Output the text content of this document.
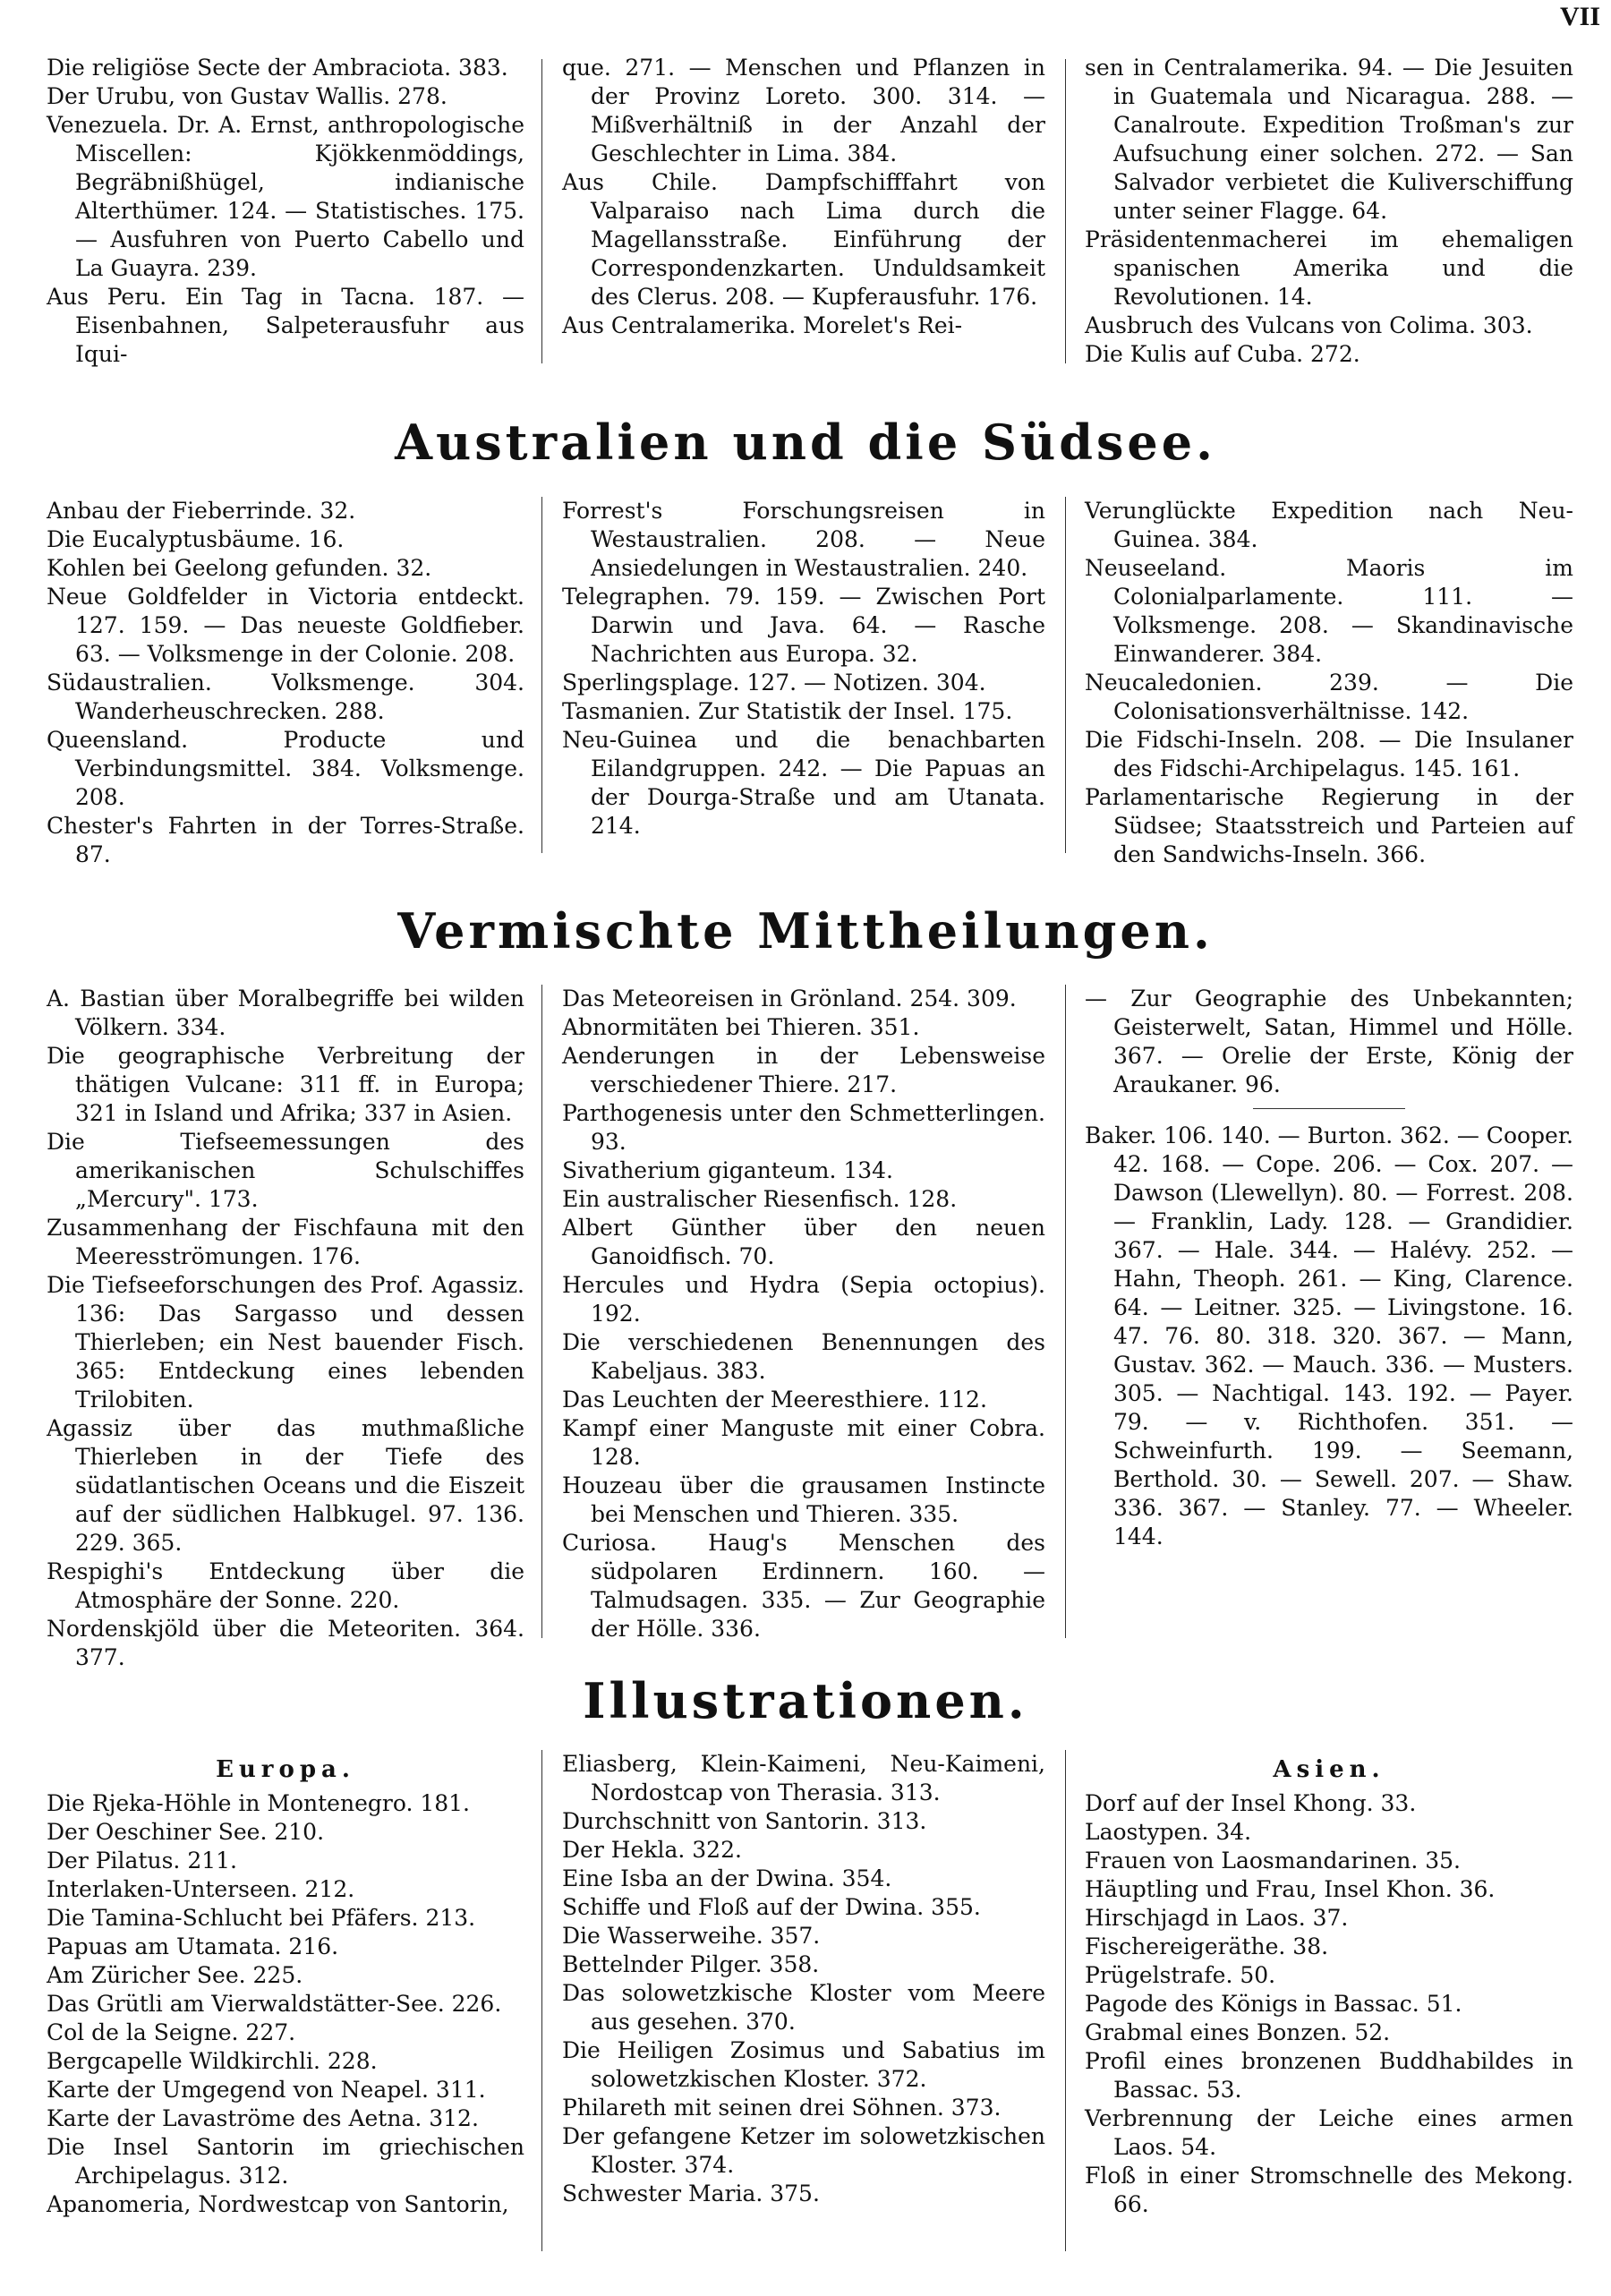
VII

Die religiöse Secte der Ambraciota. 383.

Der Urubu, von Gustav Wallis. 278.

Venezuela. Dr. A. Ernst, anthropologische Miscellen: Kjökkenmöddings, Begräbnißhügel, indianische Alterthümer. 124. — Statistisches. 175. — Ausfuhren von Puerto Cabello und La Guayra. 239.

Aus Peru. Ein Tag in Tacna. 187. — Eisenbahnen, Salpeterausfuhr aus Iqui-

que. 271. — Menschen und Pflanzen in der Provinz Loreto. 300. 314. — Mißverhältniß in der Anzahl der Geschlechter in Lima. 384.

Aus Chile. Dampfschifffahrt von Valparaiso nach Lima durch die Magellansstraße. Einführung der Correspondenzkarten. Unduldsamkeit des Clerus. 208. — Kupferausfuhr. 176.

Aus Centralamerika. Morelet's Rei-

sen in Centralamerika. 94. — Die Jesuiten in Guatemala und Nicaragua. 288. — Canalroute. Expedition Troßman's zur Aufsuchung einer solchen. 272. — San Salvador verbietet die Kuliverschiffung unter seiner Flagge. 64.

Präsidentenmacherei im ehemaligen spanischen Amerika und die Revolutionen. 14.

Ausbruch des Vulcans von Colima. 303.

Die Kulis auf Cuba. 272.

Australien und die Südsee.

Anbau der Fieberrinde. 32.

Die Eucalyptusbäume. 16.

Kohlen bei Geelong gefunden. 32.

Neue Goldfelder in Victoria entdeckt. 127. 159. — Das neueste Goldfieber. 63. — Volksmenge in der Colonie. 208.

Südaustralien. Volksmenge. 304. Wanderheuschrecken. 288.

Queensland. Producte und Verbindungsmittel. 384. Volksmenge. 208.

Chester's Fahrten in der Torres-Straße. 87.

Forrest's Forschungsreisen in Westaustralien. 208. — Neue Ansiedelungen in Westaustralien. 240.

Telegraphen. 79. 159. — Zwischen Port Darwin und Java. 64. — Rasche Nachrichten aus Europa. 32.

Sperlingsplage. 127. — Notizen. 304.

Tasmanien. Zur Statistik der Insel. 175.

Neu-Guinea und die benachbarten Eilandgruppen. 242. — Die Papuas an der Dourga-Straße und am Utanata. 214.

Verunglückte Expedition nach Neu-Guinea. 384.

Neuseeland. Maoris im Colonialparlamente. 111. — Volksmenge. 208. — Skandinavische Einwanderer. 384.

Neucaledonien. 239. — Die Colonisationsverhältnisse. 142.

Die Fidschi-Inseln. 208. — Die Insulaner des Fidschi-Archipelagus. 145. 161.

Parlamentarische Regierung in der Südsee; Staatsstreich und Parteien auf den Sandwichs-Inseln. 366.

Vermischte Mittheilungen.

A. Bastian über Moralbegriffe bei wilden Völkern. 334.

Die geographische Verbreitung der thätigen Vulcane: 311 ff. in Europa; 321 in Island und Afrika; 337 in Asien.

Die Tiefseemessungen des amerikanischen Schulschiffes „Mercury". 173.

Zusammenhang der Fischfauna mit den Meeresströmungen. 176.

Die Tiefseeforschungen des Prof. Agassiz. 136: Das Sargasso und dessen Thierleben; ein Nest bauender Fisch. 365: Entdeckung eines lebenden Trilobiten.

Agassiz über das muthmaßliche Thierleben in der Tiefe des südatlantischen Oceans und die Eiszeit auf der südlichen Halbkugel. 97. 136. 229. 365.

Respighi's Entdeckung über die Atmosphäre der Sonne. 220.

Nordenskjöld über die Meteoriten. 364. 377.

Das Meteoreisen in Grönland. 254. 309.

Abnormitäten bei Thieren. 351.

Aenderungen in der Lebensweise verschiedener Thiere. 217.

Parthogenesis unter den Schmetterlingen. 93.

Sivatherium giganteum. 134.

Ein australischer Riesenfisch. 128.

Albert Günther über den neuen Ganoidfisch. 70.

Hercules und Hydra (Sepia octopius). 192.

Die verschiedenen Benennungen des Kabeljaus. 383.

Das Leuchten der Meeresthiere. 112.

Kampf einer Manguste mit einer Cobra. 128.

Houzeau über die grausamen Instincte bei Menschen und Thieren. 335.

Curiosa. Haug's Menschen des südpolaren Erdinnern. 160. — Talmudsagen. 335. — Zur Geographie der Hölle. 336.

— Zur Geographie des Unbekannten; Geisterwelt, Satan, Himmel und Hölle. 367. — Orelie der Erste, König der Araukaner. 96.

Baker. 106. 140. — Burton. 362. — Cooper. 42. 168. — Cope. 206. — Cox. 207. — Dawson (Llewellyn). 80. — Forrest. 208. — Franklin, Lady. 128. — Grandidier. 367. — Hale. 344. — Halévy. 252. — Hahn, Theoph. 261. — King, Clarence. 64. — Leitner. 325. — Livingstone. 16. 47. 76. 80. 318. 320. 367. — Mann, Gustav. 362. — Mauch. 336. — Musters. 305. — Nachtigal. 143. 192. — Payer. 79. — v. Richthofen. 351. — Schweinfurth. 199. — Seemann, Berthold. 30. — Sewell. 207. — Shaw. 336. 367. — Stanley. 77. — Wheeler. 144.

Illustrationen.
Europa.

Die Rjeka-Höhle in Montenegro. 181.

Der Oeschiner See. 210.

Der Pilatus. 211.

Interlaken-Unterseen. 212.

Die Tamina-Schlucht bei Pfäfers. 213.

Papuas am Utamata. 216.

Am Züricher See. 225.

Das Grütli am Vierwaldstätter-See. 226.

Col de la Seigne. 227.

Bergcapelle Wildkirchli. 228.

Karte der Umgegend von Neapel. 311.

Karte der Lavaströme des Aetna. 312.

Die Insel Santorin im griechischen Archipelagus. 312.

Apanomeria, Nordwestcap von Santorin,

Eliasberg, Klein-Kaimeni, Neu-Kaimeni, Nordostcap von Therasia. 313.

Durchschnitt von Santorin. 313.

Der Hekla. 322.

Eine Isba an der Dwina. 354.

Schiffe und Floß auf der Dwina. 355.

Die Wasserweihe. 357.

Bettelnder Pilger. 358.

Das solowetzkische Kloster vom Meere aus gesehen. 370.

Die Heiligen Zosimus und Sabatius im solowetzkischen Kloster. 372.

Philareth mit seinen drei Söhnen. 373.

Der gefangene Ketzer im solowetzkischen Kloster. 374.

Schwester Maria. 375.

Asien.

Dorf auf der Insel Khong. 33.

Laostypen. 34.

Frauen von Laosmandarinen. 35.

Häuptling und Frau, Insel Khon. 36.

Hirschjagd in Laos. 37.

Fischereigeräthe. 38.

Prügelstrafe. 50.

Pagode des Königs in Bassac. 51.

Grabmal eines Bonzen. 52.

Profil eines bronzenen Buddhabildes in Bassac. 53.

Verbrennung der Leiche eines armen Laos. 54.

Floß in einer Stromschnelle des Mekong. 66.
